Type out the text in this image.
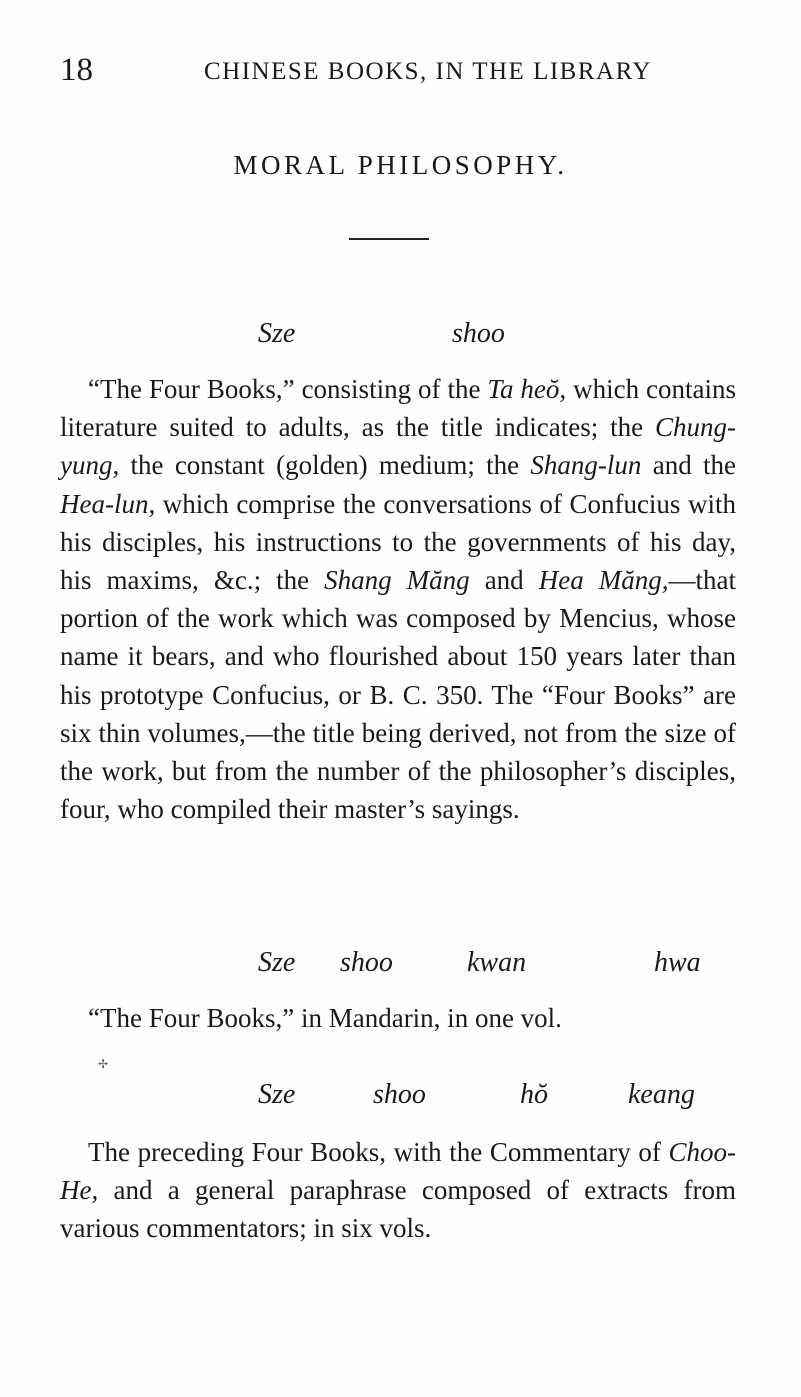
18	CHINESE BOOKS, IN THE LIBRARY
MORAL PHILOSOPHY.
Sze	shoo

“The Four Books,” consisting of the Ta heŏ, which contains literature suited to adults, as the title indicates; the Chung-yung, the constant (golden) medium; the Shang-lun and the Hea-lun, which comprise the conversations of Confucius with his disciples, his instructions to the governments of his day, his maxims, &c.; the Shang Măng and Hea Măng,—that portion of the work which was composed by Mencius, whose name it bears, and who flourished about 150 years later than his prototype Confucius, or B. C. 350. The “Four Books” are six thin volumes,—the title being derived, not from the size of the work, but from the number of the philosopher’s disciples, four, who compiled their master’s sayings.

Sze shoo	kwan	hwa

“The Four Books,” in Mandarin, in one vol.

✢
Sze	shoo	hŏ	keang

The preceding Four Books, with the Commentary of Choo-He, and a general paraphrase composed of extracts from various commentators; in six vols.
